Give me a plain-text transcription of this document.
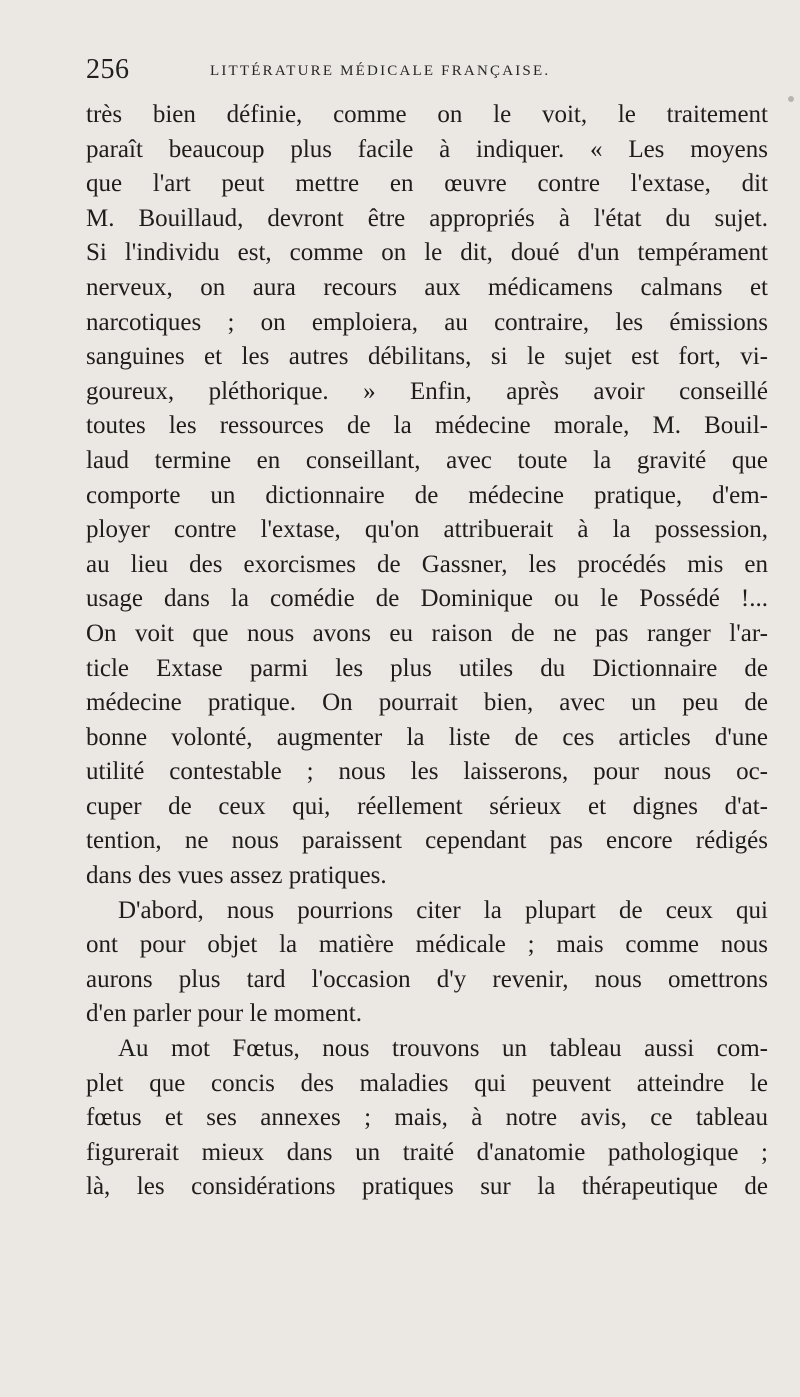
256	LITTÉRATURE MÉDICALE FRANÇAISE.
très bien définie, comme on le voit, le traitement
paraît beaucoup plus facile à indiquer. « Les moyens
que l'art peut mettre en œuvre contre l'extase, dit
M. Bouillaud, devront être appropriés à l'état du sujet.
Si l'individu est, comme on le dit, doué d'un tempérament
nerveux, on aura recours aux médicamens calmans et
narcotiques ; on emploiera, au contraire, les émissions
sanguines et les autres débilitans, si le sujet est fort, vi-
goureux, pléthorique. » Enfin, après avoir conseillé
toutes les ressources de la médecine morale, M. Bouil-
laud termine en conseillant, avec toute la gravité que
comporte un dictionnaire de médecine pratique, d'em-
ployer contre l'extase, qu'on attribuerait à la possession,
au lieu des exorcismes de Gassner, les procédés mis en
usage dans la comédie de Dominique ou le Possédé !...
On voit que nous avons eu raison de ne pas ranger l'ar-
ticle Extase parmi les plus utiles du Dictionnaire de
médecine pratique. On pourrait bien, avec un peu de
bonne volonté, augmenter la liste de ces articles d'une
utilité contestable ; nous les laisserons, pour nous oc-
cuper de ceux qui, réellement sérieux et dignes d'at-
tention, ne nous paraissent cependant pas encore rédigés
dans des vues assez pratiques.
D'abord, nous pourrions citer la plupart de ceux qui
ont pour objet la matière médicale ; mais comme nous
aurons plus tard l'occasion d'y revenir, nous omettrons
d'en parler pour le moment.
Au mot Fœtus, nous trouvons un tableau aussi com-
plet que concis des maladies qui peuvent atteindre le
fœtus et ses annexes ; mais, à notre avis, ce tableau
figurerait mieux dans un traité d'anatomie pathologique ;
là, les considérations pratiques sur la thérapeutique de
